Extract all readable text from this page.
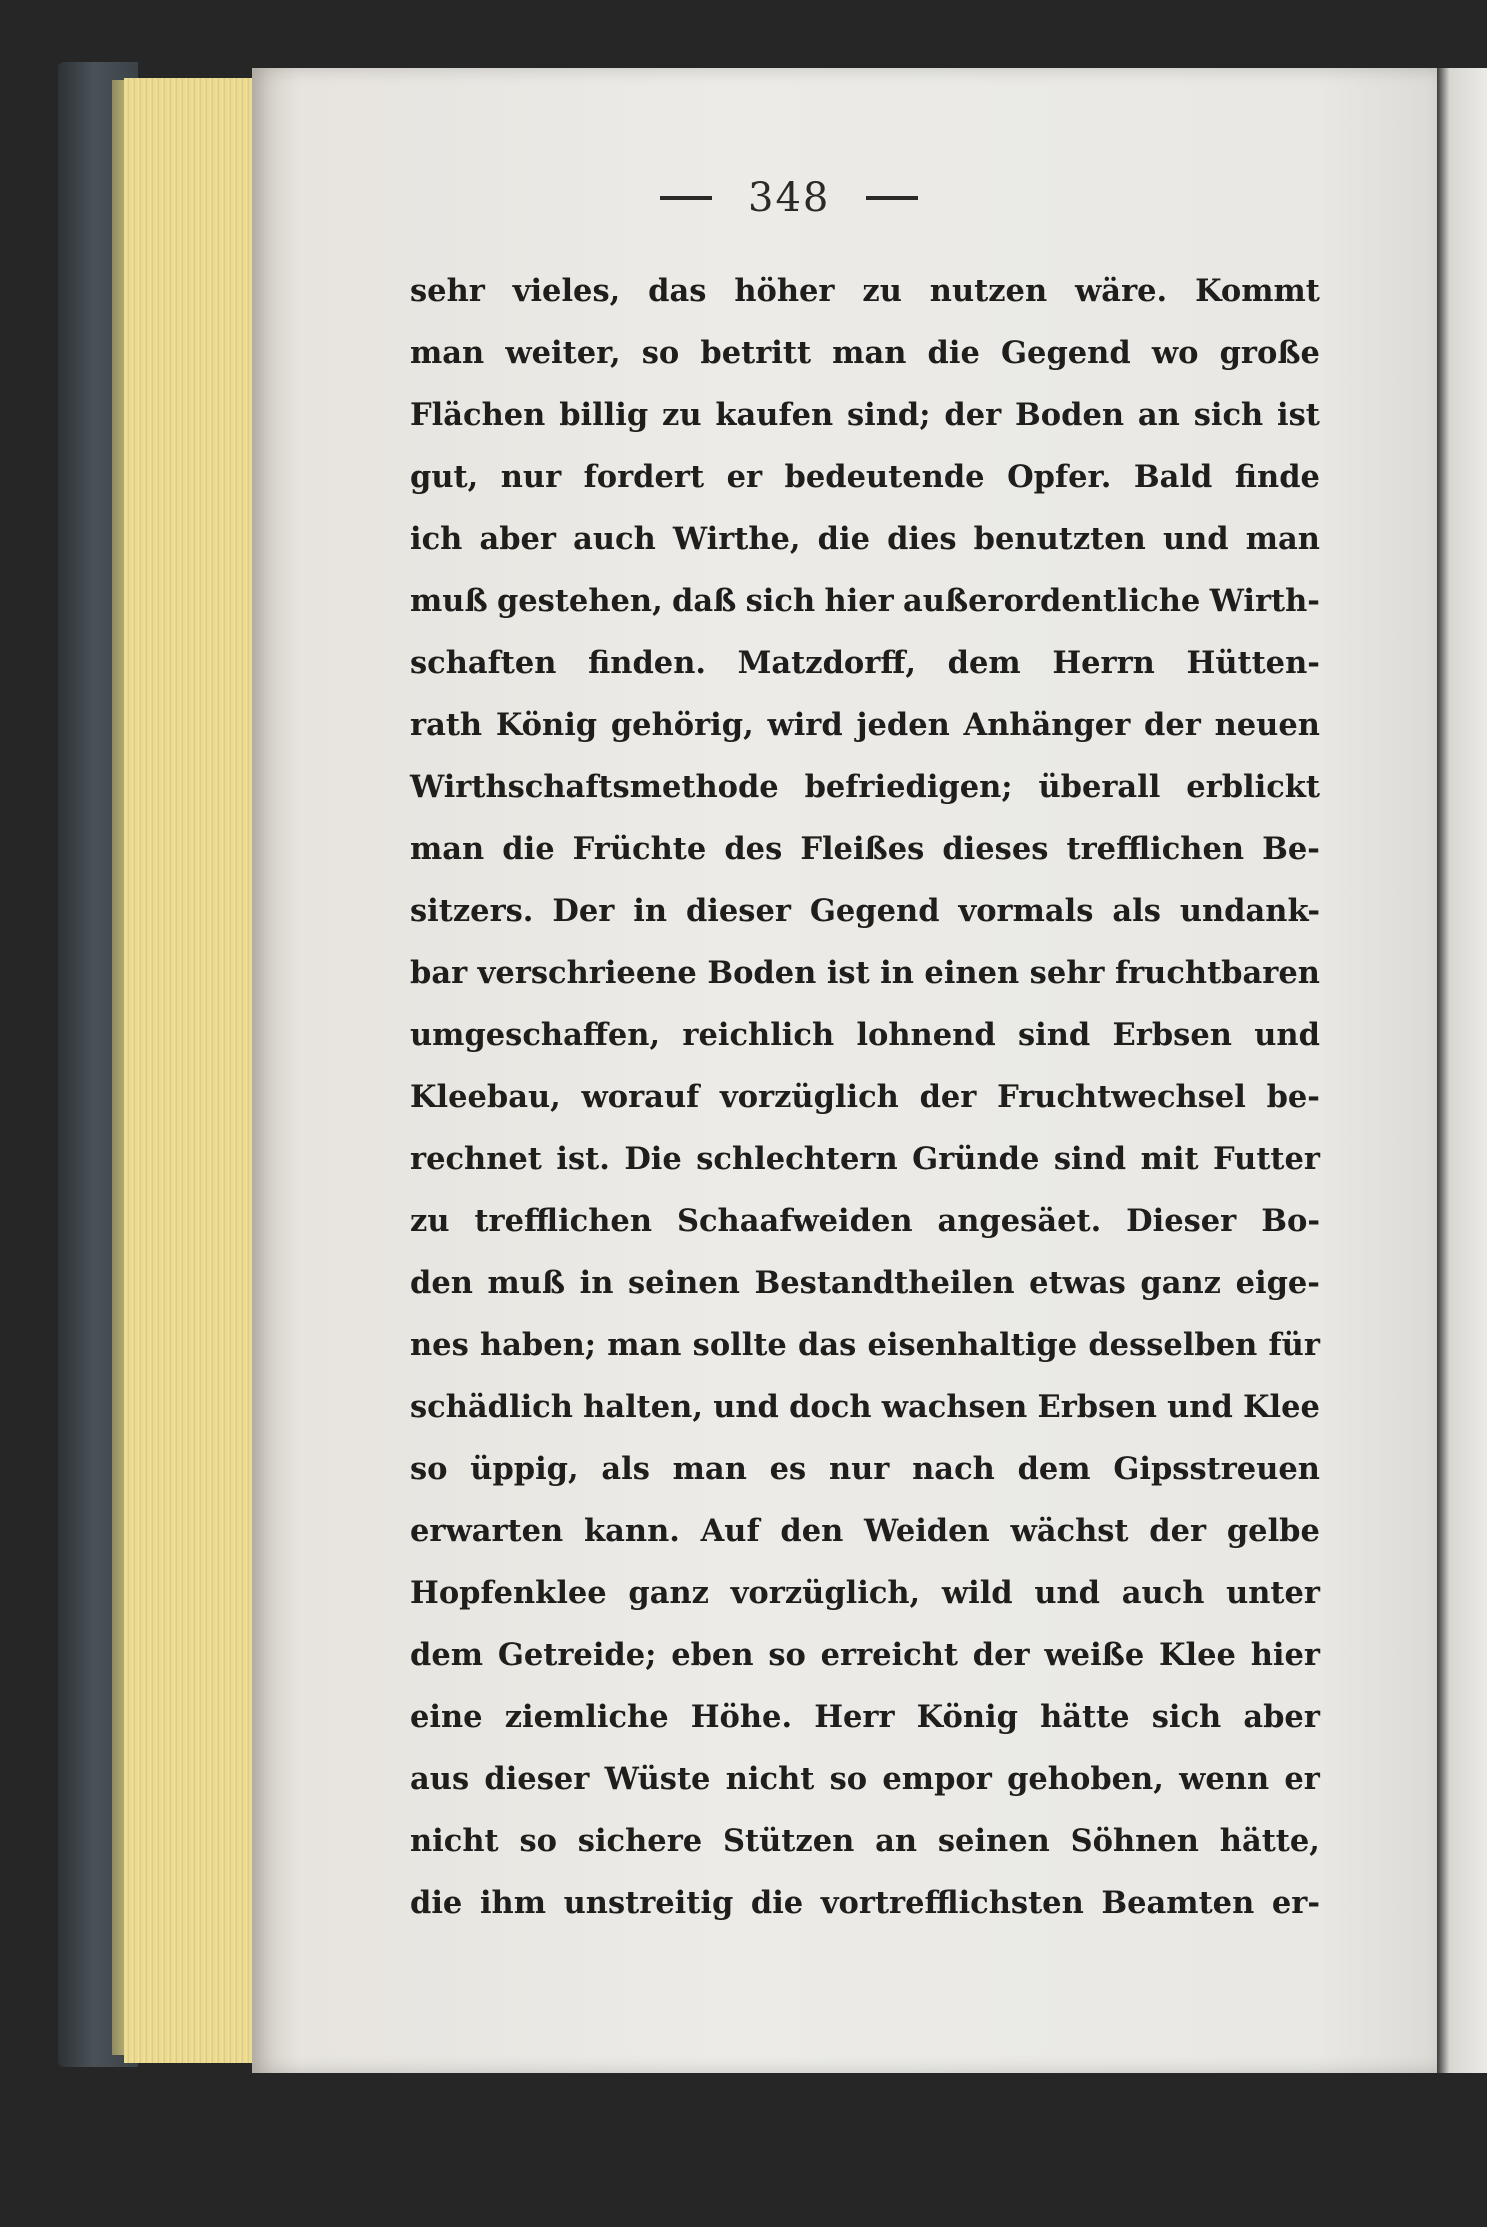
348
sehr vieles, das höher zu nutzen wäre. Kommt
man weiter, so betritt man die Gegend wo große
Flächen billig zu kaufen sind; der Boden an sich ist
gut, nur fordert er bedeutende Opfer. Bald finde
ich aber auch Wirthe, die dies benutzten und man
muß gestehen, daß sich hier außerordentliche Wirth-
schaften finden. Matzdorff, dem Herrn Hütten-
rath König gehörig, wird jeden Anhänger der neuen
Wirthschaftsmethode befriedigen; überall erblickt
man die Früchte des Fleißes dieses trefflichen Be-
sitzers. Der in dieser Gegend vormals als undank-
bar verschrieene Boden ist in einen sehr fruchtbaren
umgeschaffen, reichlich lohnend sind Erbsen und
Kleebau, worauf vorzüglich der Fruchtwechsel be-
rechnet ist. Die schlechtern Gründe sind mit Futter
zu trefflichen Schaafweiden angesäet. Dieser Bo-
den muß in seinen Bestandtheilen etwas ganz eige-
nes haben; man sollte das eisenhaltige desselben für
schädlich halten, und doch wachsen Erbsen und Klee
so üppig, als man es nur nach dem Gipsstreuen
erwarten kann. Auf den Weiden wächst der gelbe
Hopfenklee ganz vorzüglich, wild und auch unter
dem Getreide; eben so erreicht der weiße Klee hier
eine ziemliche Höhe. Herr König hätte sich aber
aus dieser Wüste nicht so empor gehoben, wenn er
nicht so sichere Stützen an seinen Söhnen hätte,
die ihm unstreitig die vortrefflichsten Beamten er-
